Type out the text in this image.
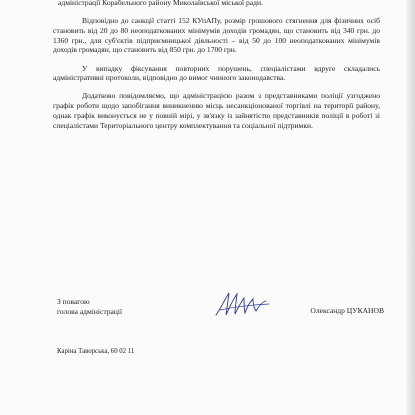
адміністрації Корабельного району Миколаївської міської ради.

Відповідно до санкції статті 152 КУпАПу, розмір грошового стягнення для фізичних осіб становить від 20 до 80 неоподаткованих мінімумів доходів громадян, що становить від 340 грн. до 1360 грн., для суб'єктів підприємницької діяльності – від 50 до 100 неоподаткованих мінімумів доходів громадян, що становить від 850 грн. до 1700 грн.

У випадку фіксування повторних порушень, спеціалістами вдруге складались адміністративні протоколи, відповідно до вимог чинного законодавства.

Додатково повідомляємо, що адміністрацією разом з представниками поліції узгоджено графік роботи щодо запобігання виникненню місць несанкціонованої торгівлі на території району, однак графік виконується не у повній мірі, у зв'язку із зайнятістю представників поліції в роботі зі спеціалістами Територіального центру комплектування та соціальної підтримки.

З повагою
голова адміністрації	Олександр ЦУКАНОВ
Каріна Таворська, 60 02 11
